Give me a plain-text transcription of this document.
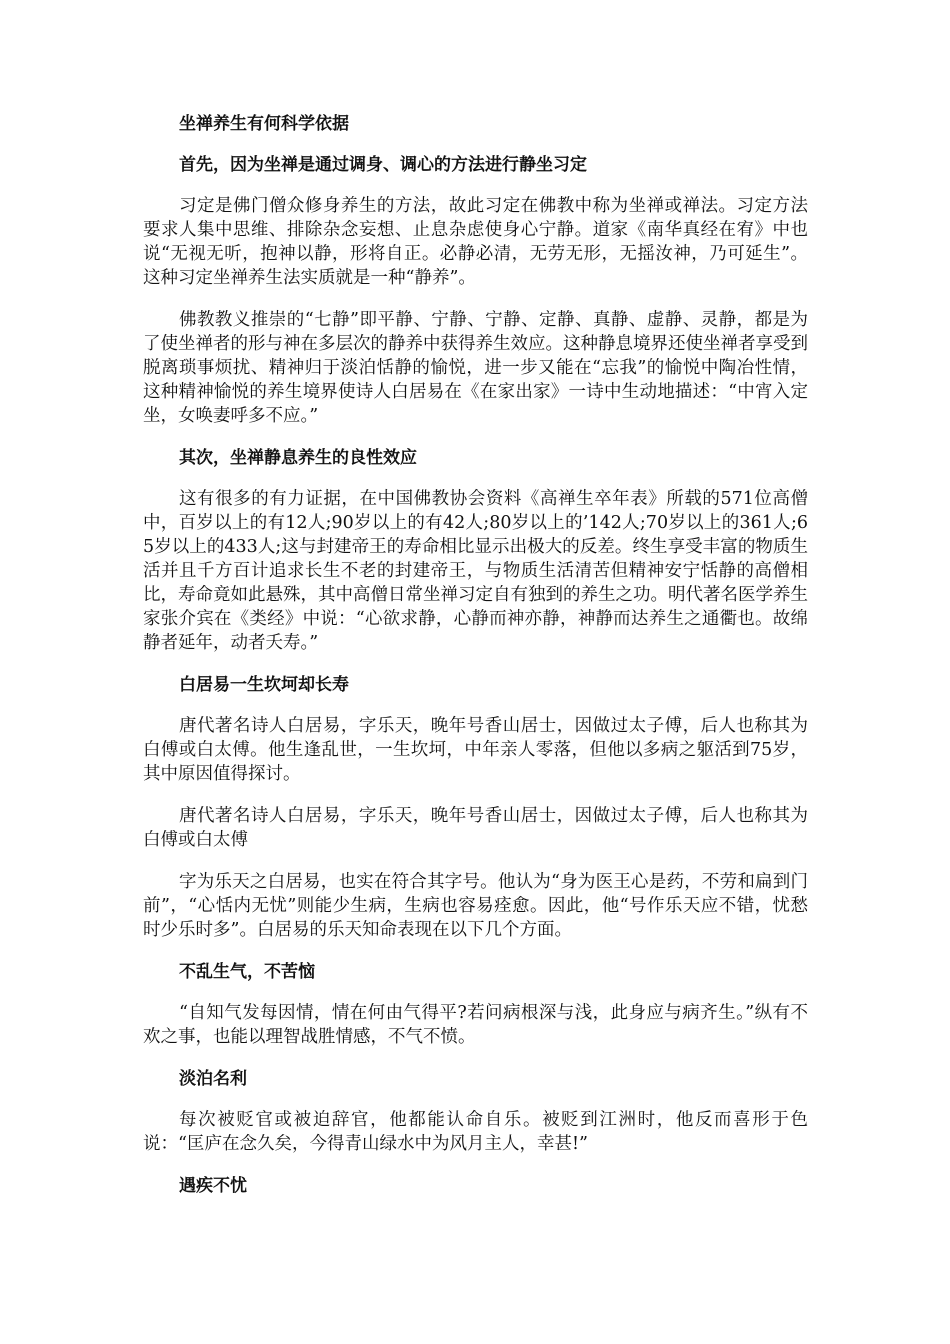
坐禅养生有何科学依据
首先，因为坐禅是通过调身、调心的方法进行静坐习定

习定是佛门僧众修身养生的方法，故此习定在佛教中称为坐禅或禅法。习定方法要求人集中思维、排除杂念妄想、止息杂虑使身心宁静。道家《南华真经在宥》中也说“无视无听，抱神以静，形将自正。必静必清，无劳无形，无摇汝神，乃可延生”。这种习定坐禅养生法实质就是一种“静养”。

佛教教义推崇的“七静”即平静、宁静、宁静、定静、真静、虚静、灵静，都是为了使坐禅者的形与神在多层次的静养中获得养生效应。这种静息境界还使坐禅者享受到脱离琐事烦扰、精神归于淡泊恬静的愉悦，进一步又能在“忘我”的愉悦中陶冶性情，这种精神愉悦的养生境界使诗人白居易在《在家出家》一诗中生动地描述：“中宵入定坐，女唤妻呼多不应。”

其次，坐禅静息养生的良性效应

这有很多的有力证据，在中国佛教协会资料《高禅生卒年表》所载的571位高僧中，百岁以上的有12人;90岁以上的有42人;80岁以上的’142人;70岁以上的361人;65岁以上的433人;这与封建帝王的寿命相比显示出极大的反差。终生享受丰富的物质生活并且千方百计追求长生不老的封建帝王，与物质生活清苦但精神安宁恬静的高僧相比，寿命竟如此悬殊，其中高僧日常坐禅习定自有独到的养生之功。明代著名医学养生家张介宾在《类经》中说：“心欲求静，心静而神亦静，神静而达养生之通衢也。故绵静者延年，动者夭寿。”

白居易一生坎坷却长寿

唐代著名诗人白居易，字乐天，晚年号香山居士，因做过太子傅，后人也称其为白傅或白太傅。他生逢乱世，一生坎坷，中年亲人零落，但他以多病之躯活到75岁，其中原因值得探讨。

唐代著名诗人白居易，字乐天，晚年号香山居士，因做过太子傅，后人也称其为白傅或白太傅

字为乐天之白居易，也实在符合其字号。他认为“身为医王心是药，不劳和扁到门前”，“心恬内无忧”则能少生病，生病也容易痊愈。因此，他“号作乐天应不错，忧愁时少乐时多”。白居易的乐天知命表现在以下几个方面。

不乱生气，不苦恼

“自知气发每因情，情在何由气得平?若问病根深与浅，此身应与病齐生。”纵有不欢之事，也能以理智战胜情感，不气不愤。

淡泊名利

每次被贬官或被迫辞官，他都能认命自乐。被贬到江洲时，他反而喜形于色说：“匡庐在念久矣，今得青山绿水中为风月主人，幸甚!”

遇疾不忧
